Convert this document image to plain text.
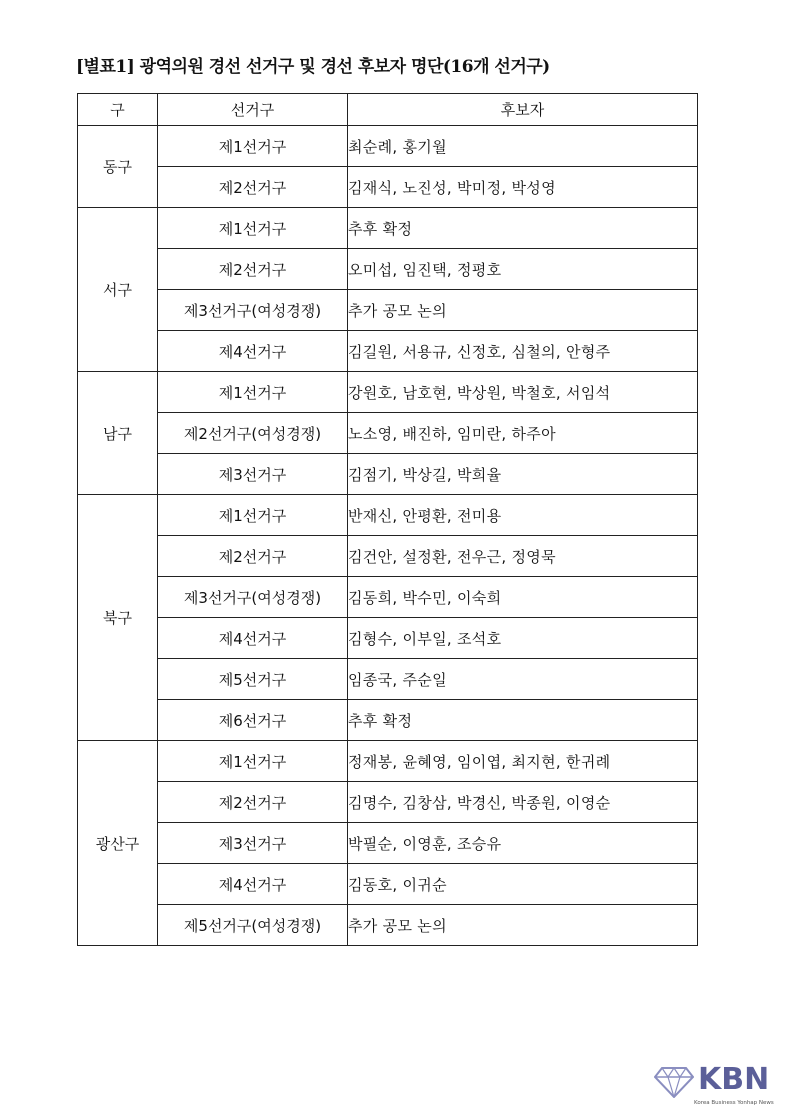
[별표1] 광역의원 경선 선거구 및 경선 후보자 명단(16개 선거구)
구	선거구	후보자
동구	제1선거구	최순례, 홍기월
	제2선거구	김재식, 노진성, 박미정, 박성영
서구	제1선거구	추후 확정
	제2선거구	오미섭, 임진택, 정평호
	제3선거구(여성경쟁)	추가 공모 논의
	제4선거구	김길원, 서용규, 신정호, 심철의, 안형주
남구	제1선거구	강원호, 남호현, 박상원, 박철호, 서임석
	제2선거구(여성경쟁)	노소영, 배진하, 임미란, 하주아
	제3선거구	김점기, 박상길, 박희율
북구	제1선거구	반재신, 안평환, 전미용
	제2선거구	김건안, 설정환, 전우근, 정영묵
	제3선거구(여성경쟁)	김동희, 박수민, 이숙희
	제4선거구	김형수, 이부일, 조석호
	제5선거구	임종국, 주순일
	제6선거구	추후 확정
광산구	제1선거구	정재봉, 윤혜영, 임이엽, 최지현, 한귀례
	제2선거구	김명수, 김창삼, 박경신, 박종원, 이영순
	제3선거구	박필순, 이영훈, 조승유
	제4선거구	김동호, 이귀순
	제5선거구(여성경쟁)	추가 공모 논의
KBN
Korea Business Yonhap News
